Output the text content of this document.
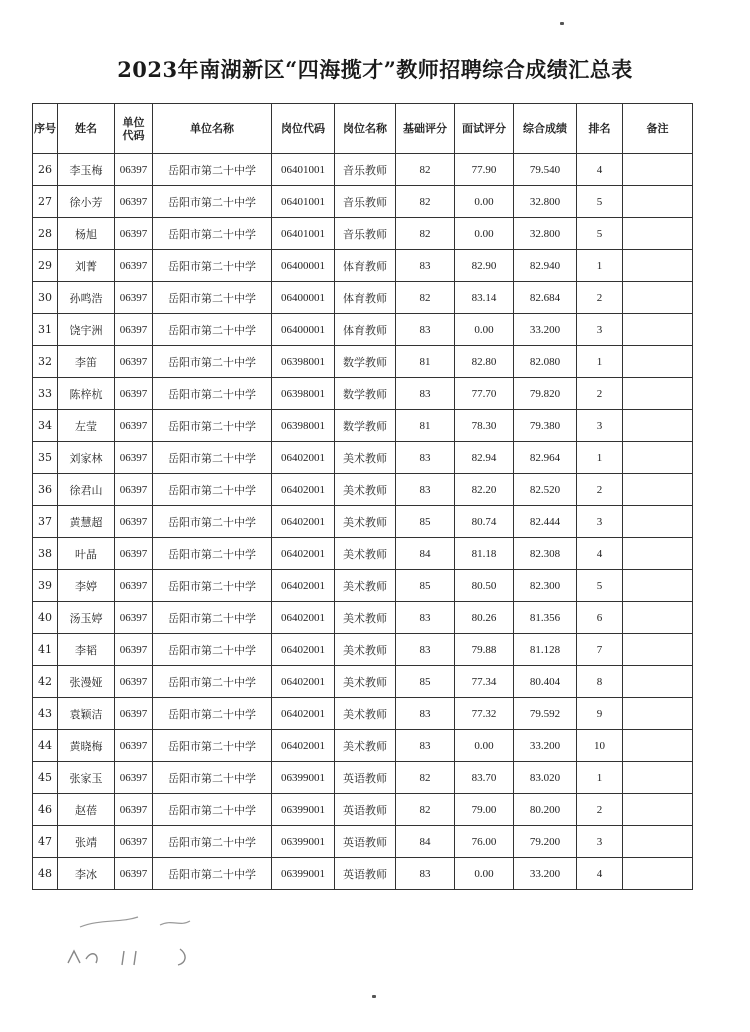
2023年南湖新区“四海揽才”教师招聘综合成绩汇总表
序号	姓名	单位代码	单位名称	岗位代码	岗位名称	基础评分	面试评分	综合成绩	排名	备注
26	李玉梅	06397	岳阳市第二十中学	06401001	音乐教师	82	77.90	79.540	4	
27	徐小芳	06397	岳阳市第二十中学	06401001	音乐教师	82	0.00	32.800	5	
28	杨旭	06397	岳阳市第二十中学	06401001	音乐教师	82	0.00	32.800	5	
29	刘菁	06397	岳阳市第二十中学	06400001	体育教师	83	82.90	82.940	1	
30	孙鸣浩	06397	岳阳市第二十中学	06400001	体育教师	82	83.14	82.684	2	
31	饶宇洲	06397	岳阳市第二十中学	06400001	体育教师	83	0.00	33.200	3	
32	李笛	06397	岳阳市第二十中学	06398001	数学教师	81	82.80	82.080	1	
33	陈梓杭	06397	岳阳市第二十中学	06398001	数学教师	83	77.70	79.820	2	
34	左莹	06397	岳阳市第二十中学	06398001	数学教师	81	78.30	79.380	3	
35	刘家林	06397	岳阳市第二十中学	06402001	美术教师	83	82.94	82.964	1	
36	徐君山	06397	岳阳市第二十中学	06402001	美术教师	83	82.20	82.520	2	
37	黄慧超	06397	岳阳市第二十中学	06402001	美术教师	85	80.74	82.444	3	
38	叶晶	06397	岳阳市第二十中学	06402001	美术教师	84	81.18	82.308	4	
39	李婷	06397	岳阳市第二十中学	06402001	美术教师	85	80.50	82.300	5	
40	汤玉婷	06397	岳阳市第二十中学	06402001	美术教师	83	80.26	81.356	6	
41	李韬	06397	岳阳市第二十中学	06402001	美术教师	83	79.88	81.128	7	
42	张漫娅	06397	岳阳市第二十中学	06402001	美术教师	85	77.34	80.404	8	
43	袁颖洁	06397	岳阳市第二十中学	06402001	美术教师	83	77.32	79.592	9	
44	黄晓梅	06397	岳阳市第二十中学	06402001	美术教师	83	0.00	33.200	10	
45	张家玉	06397	岳阳市第二十中学	06399001	英语教师	82	83.70	83.020	1	
46	赵蓓	06397	岳阳市第二十中学	06399001	英语教师	82	79.00	80.200	2	
47	张靖	06397	岳阳市第二十中学	06399001	英语教师	84	76.00	79.200	3	
48	李冰	06397	岳阳市第二十中学	06399001	英语教师	83	0.00	33.200	4	
